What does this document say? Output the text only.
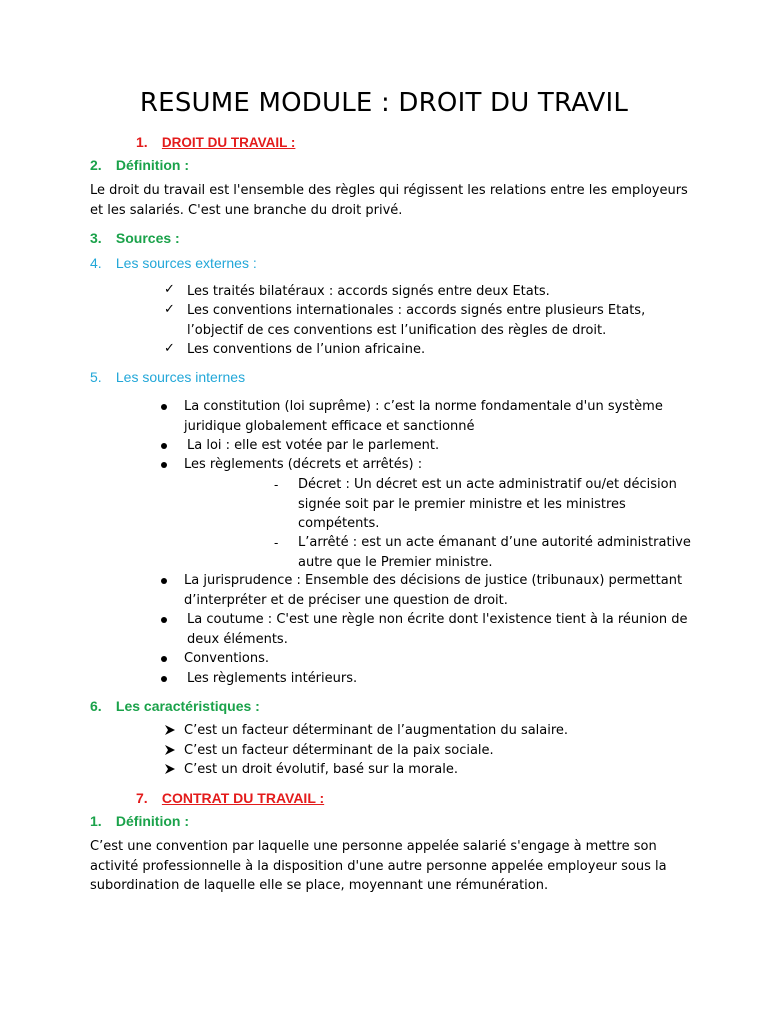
RESUME MODULE : DROIT DU TRAVIL
1. DROIT DU TRAVAIL :
2. Définition :
Le droit du travail est l'ensemble des règles qui régissent les relations entre les employeurs
et les salariés. C'est une branche du droit privé.
3. Sources :
4. Les sources externes :
✓ Les traités bilatéraux : accords signés entre deux Etats.
✓ Les conventions internationales : accords signés entre plusieurs Etats,
l’objectif de ces conventions est l’unification des règles de droit.
✓ Les conventions de l’union africaine.
5. Les sources internes
La constitution (loi suprême) : c’est la norme fondamentale d'un système
juridique globalement efficace et sanctionné
La loi : elle est votée par le parlement.
Les règlements (décrets et arrêtés) :
- Décret : Un décret est un acte administratif ou/et décision
signée soit par le premier ministre et les ministres
compétents.
- L’arrêté : est un acte émanant d’une autorité administrative
autre que le Premier ministre.
La jurisprudence : Ensemble des décisions de justice (tribunaux) permettant
d’interpréter et de préciser une question de droit.
La coutume : C'est une règle non écrite dont l'existence tient à la réunion de
deux éléments.
Conventions.
Les règlements intérieurs.
6. Les caractéristiques :
C’est un facteur déterminant de l’augmentation du salaire.
C’est un facteur déterminant de la paix sociale.
C’est un droit évolutif, basé sur la morale.
7. CONTRAT DU TRAVAIL :
1. Définition :
C’est une convention par laquelle une personne appelée salarié s'engage à mettre son
activité professionnelle à la disposition d'une autre personne appelée employeur sous la
subordination de laquelle elle se place, moyennant une rémunération.
